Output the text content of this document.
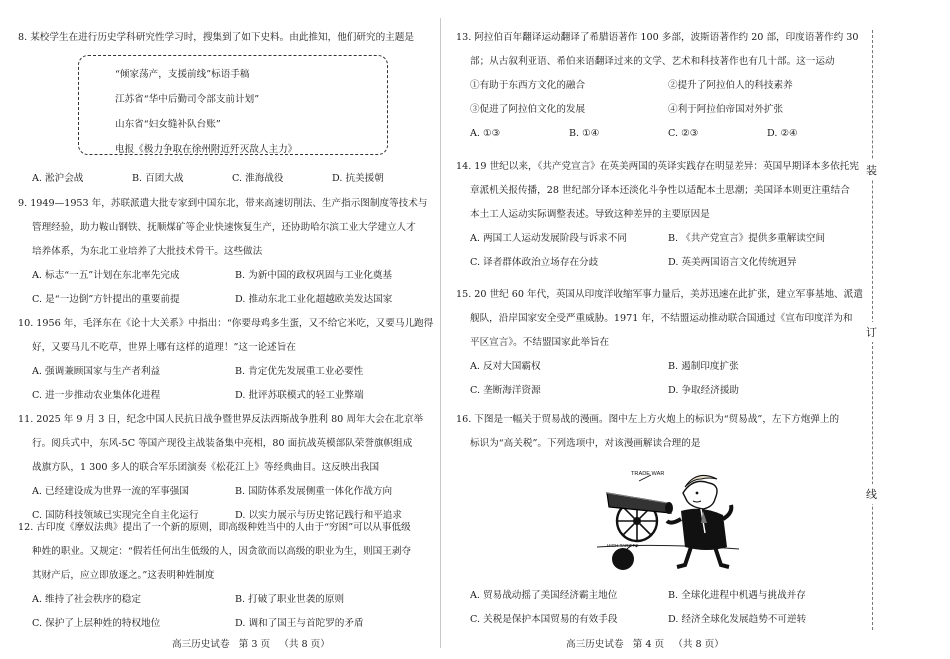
8. 某校学生在进行历史学科研究性学习时，搜集到了如下史料。由此推知，他们研究的主题是

“倾家荡产，支援前线”标语手稿
江苏省“华中后勤司令部支前计划”
山东省“妇女缝补队台账”
电报《极力争取在徐州附近歼灭敌人主力》
A. 淞沪会战	B. 百团大战	C. 淮海战役	D. 抗美援朝

9. 1949—1953 年，苏联派遣大批专家到中国东北，带来高速切削法、生产指示图制度等技术与

管理经验，助力鞍山钢铁、抚顺煤矿等企业快速恢复生产，还协助哈尔滨工业大学建立人才

培养体系，为东北工业培养了大批技术骨干。这些做法

A. 标志“一五”计划在东北率先完成	B. 为新中国的政权巩固与工业化奠基
C. 是“一边倒”方针提出的重要前提	D. 推动东北工业化超越欧美发达国家

10. 1956 年，毛泽东在《论十大关系》中指出：“你要母鸡多生蛋，又不给它米吃，又要马儿跑得

好，又要马儿不吃草，世界上哪有这样的道理！”这一论述旨在

A. 强调兼顾国家与生产者利益	B. 肯定优先发展重工业必要性
C. 进一步推动农业集体化进程	D. 批评苏联模式的轻工业弊端

11. 2025 年 9 月 3 日，纪念中国人民抗日战争暨世界反法西斯战争胜利 80 周年大会在北京举

行。阅兵式中，东风-5C 等国产现役主战装备集中亮相，80 面抗战英模部队荣誉旗帜组成

战旗方队，1 300 多人的联合军乐团演奏《松花江上》等经典曲目。这反映出我国

A. 已经建设成为世界一流的军事强国	B. 国防体系发展侧重一体化作战方向
C. 国防科技领域已实现完全自主化运行	D. 以实力展示与历史铭记践行和平追求

12. 古印度《摩奴法典》提出了一个新的原则，即高级种姓当中的人由于“穷困”可以从事低级

种姓的职业。又规定：“假若任何出生低级的人，因贪欲而以高级的职业为生，则国王剥夺

其财产后，应立即放逐之。”这表明种姓制度

A. 维持了社会秩序的稳定	B. 打破了职业世袭的原则
C. 保护了上层种姓的特权地位	D. 调和了国王与首陀罗的矛盾
高三历史试卷   第 3 页   （共 8 页）

13. 阿拉伯百年翻译运动翻译了希腊语著作 100 多部，波斯语著作约 20 部，印度语著作约 30

部；从古叙利亚语、希伯来语翻译过来的文学、艺术和科技著作也有几十部。这一运动

①有助于东西方文化的融合	②提升了阿拉伯人的科技素养
③促进了阿拉伯文化的发展	④利于阿拉伯帝国对外扩张
A. ①③	B. ①④	C. ②③	D. ②④

14. 19 世纪以来，《共产党宣言》在英美两国的英译实践存在明显差异：英国早期译本多依托宪

章派机关报传播，28 世纪部分译本还淡化斗争性以适配本土思潮；美国译本则更注重结合

本土工人运动实际调整表述。导致这种差异的主要原因是

A. 两国工人运动发展阶段与诉求不同	B. 《共产党宣言》提供多重解读空间
C. 译者群体政治立场存在分歧	D. 英美两国语言文化传统迥异

15. 20 世纪 60 年代，英国从印度洋收缩军事力量后，美苏迅速在此扩张，建立军事基地、派遣

舰队，沿岸国家安全受严重威胁。1971 年，不结盟运动推动联合国通过《宣布印度洋为和

平区宣言》。不结盟国家此举旨在

A. 反对大国霸权	B. 遏制印度扩张
C. 垄断海洋资源	D. 争取经济援助

16. 下图是一幅关于贸易战的漫画。图中左上方火炮上的标识为“贸易战”，左下方炮弹上的

标识为“高关税”。下列选项中，对该漫画解读合理的是

A. 贸易战动摇了美国经济霸主地位	B. 全球化进程中机遇与挑战并存
C. 关税是保护本国贸易的有效手段	D. 经济全球化发展趋势不可逆转
高三历史试卷   第 4 页   （共 8 页）
TRADE WAR
HIGH TARIFFS
装
订
线
